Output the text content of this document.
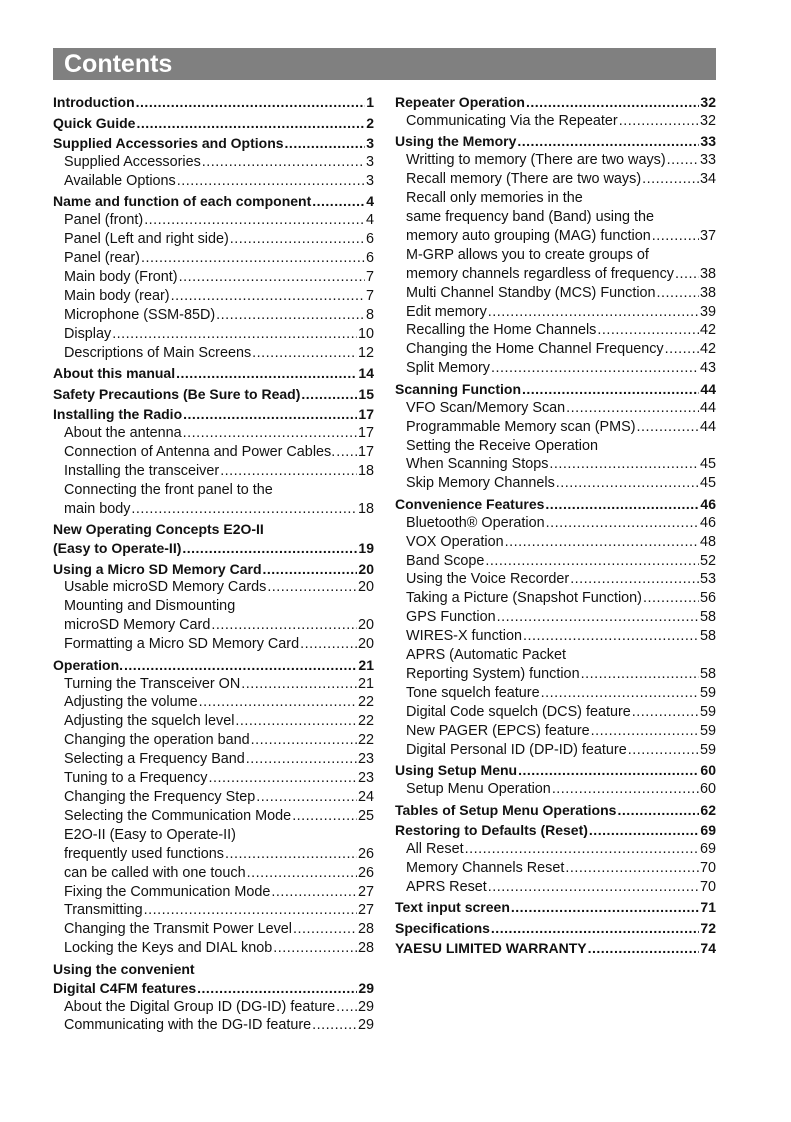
Contents
Introduction .....	1
Quick Guide .....	2
Supplied Accessories and Options .....	3
Supplied Accessories .....	3
Available Options .....	3
Name and function of each component .....	4
Panel (front) .....	4
Panel (Left and right side) .....	6
Panel (rear) .....	6
Main body (Front) .....	7
Main body (rear) .....	7
Microphone (SSM-85D) .....	8
Display .....	10
Descriptions of Main Screens .....	12
About this manual .....	14
Safety Precautions (Be Sure to Read) .....	15
Installing the Radio .....	17
About the antenna .....	17
Connection of Antenna and Power Cables. ..... 17
Installing the transceiver .....	18
Connecting the front panel to the
main body .....	18
New Operating Concepts E2O-II
(Easy to Operate-II) .....	19
Using a Micro SD Memory Card .....	20
Usable microSD Memory Cards .....	20
Mounting and Dismounting
microSD Memory Card .....	20
Formatting a Micro SD Memory Card .....	20
Operation. .....	21
Turning the Transceiver ON .....	21
Adjusting the volume .....	22
Adjusting the squelch level .....	22
Changing the operation band .....	22
Selecting a Frequency Band .....	23
Tuning to a Frequency .....	23
Changing the Frequency Step .....	24
Selecting the Communication Mode .....	25
E2O-II (Easy to Operate-II)
frequently used functions .....	26
can be called with one touch .....	26
Fixing the Communication Mode .....	27
Transmitting .....	27
Changing the Transmit Power Level .....	28
Locking the Keys and DIAL knob .....	28
Using the convenient
Digital C4FM features .....	29
About the Digital Group ID (DG-ID) feature ..... 29
Communicating with the DG-ID feature .....	29
Repeater Operation .....	32
Communicating Via the Repeater .....	32
Using the Memory .....	33
Writting to memory (There are two ways) ..... 33
Recall memory (There are two ways) .....	34
Recall only memories in the
same frequency band (Band) using the
memory auto grouping (MAG) function .....	37
M-GRP allows you to create groups of
memory channels regardless of frequency ..... 38
Multi Channel Standby (MCS) Function .....	38
Edit memory .....	39
Recalling the Home Channels .....	42
Changing the Home Channel Frequency .....	42
Split Memory .....	43
Scanning Function .....	44
VFO Scan/Memory Scan .....	44
Programmable Memory scan (PMS) .....	44
Setting the Receive Operation
When Scanning Stops .....	45
Skip Memory Channels .....	45
Convenience Features .....	46
Bluetooth® Operation .....	46
VOX Operation .....	48
Band Scope .....	52
Using the Voice Recorder .....	53
Taking a Picture (Snapshot Function) .....	56
GPS Function .....	58
WIRES-X function .....	58
APRS (Automatic Packet
Reporting System) function .....	58
Tone squelch feature .....	59
Digital Code squelch (DCS) feature .....	59
New PAGER (EPCS) feature .....	59
Digital Personal ID (DP-ID) feature .....	59
Using Setup Menu .....	60
Setup Menu Operation .....	60
Tables of Setup Menu Operations .....	62
Restoring to Defaults (Reset) .....	69
All Reset .....	69
Memory Channels Reset .....	70
APRS Reset .....	70
Text input screen .....	71
Specifications .....	72
YAESU LIMITED WARRANTY .....	74
